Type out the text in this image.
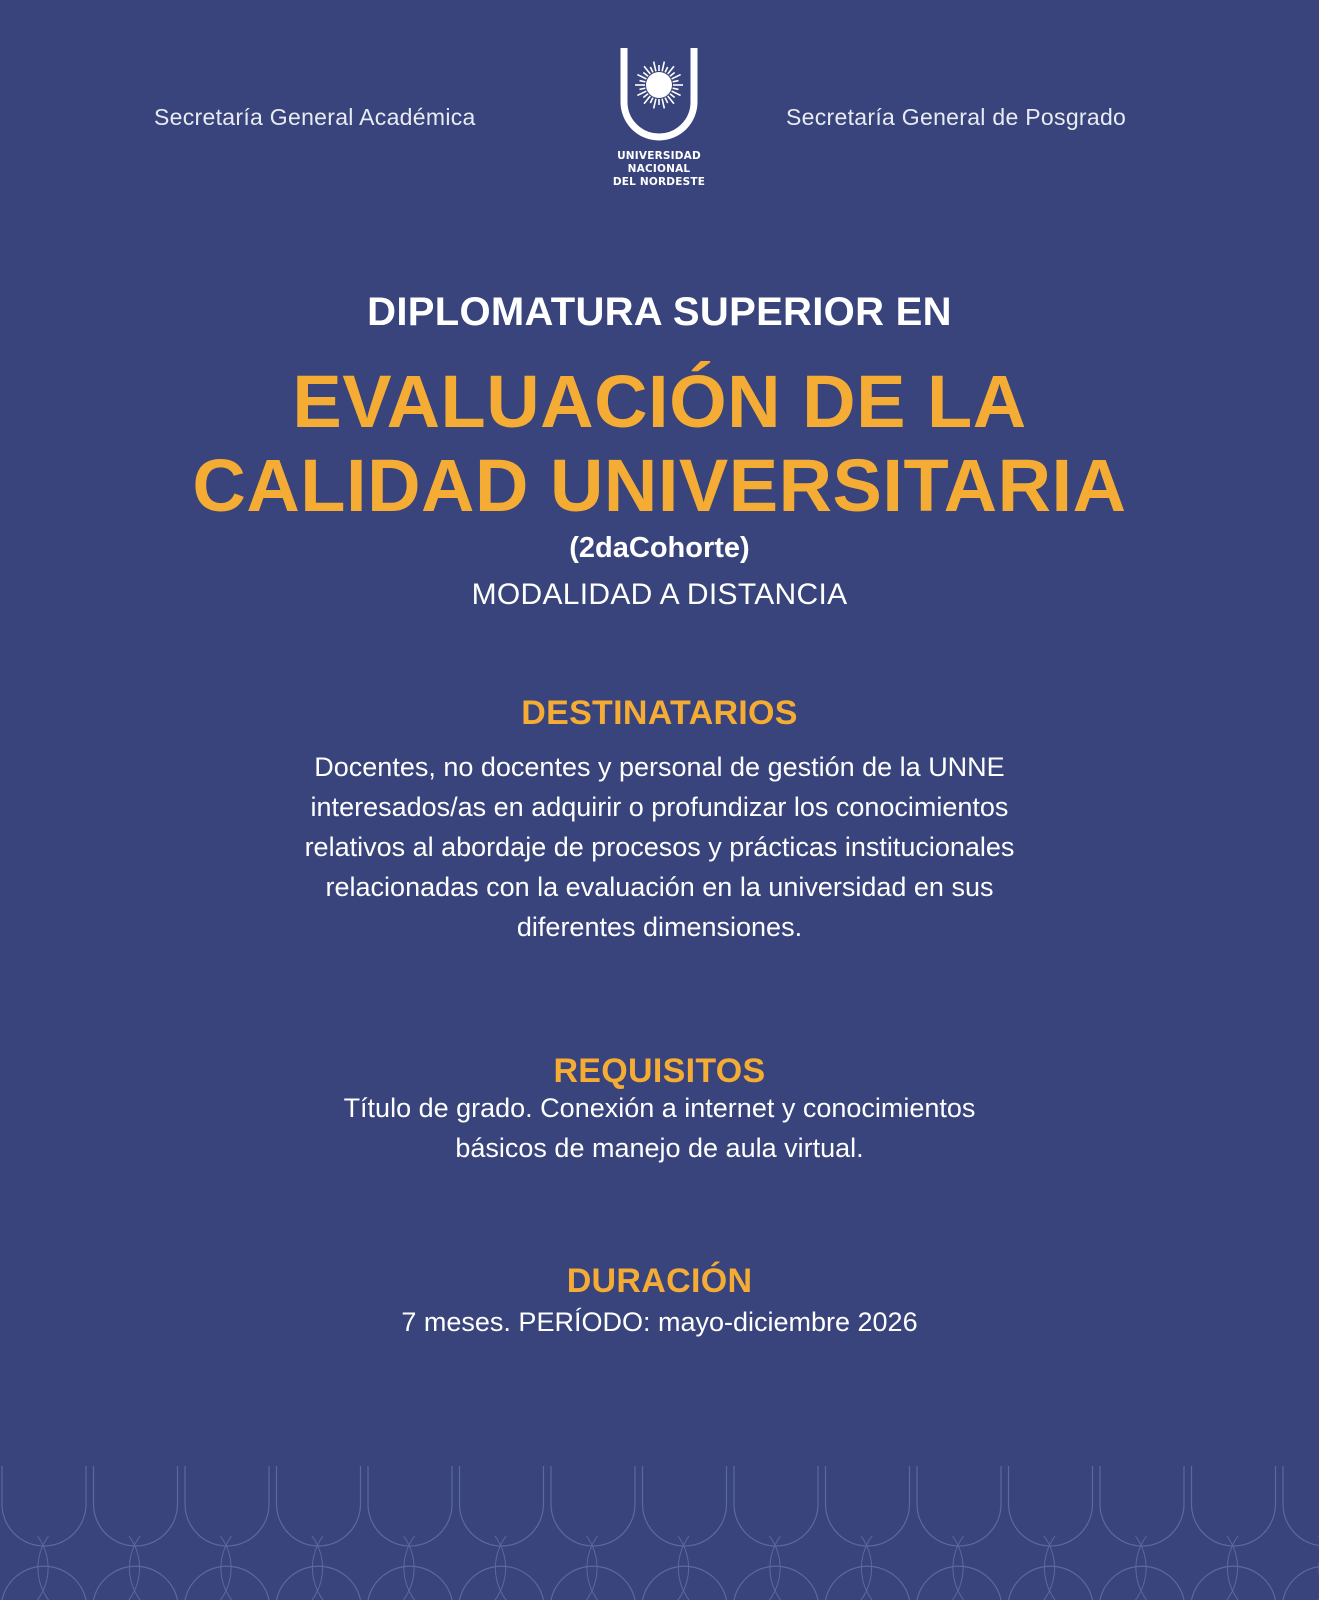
Secretaría General Académica	Secretaría General de Posgrado
UNIVERSIDAD
NACIONAL
DEL NORDESTE
DIPLOMATURA SUPERIOR EN
EVALUACIÓN DE LA
CALIDAD UNIVERSITARIA
(2daCohorte)
MODALIDAD A DISTANCIA
DESTINATARIOS
Docentes, no docentes y personal de gestión de la UNNE
interesados/as en adquirir o profundizar los conocimientos
relativos al abordaje de procesos y prácticas institucionales
relacionadas con la evaluación en la universidad en sus
diferentes dimensiones.
REQUISITOS
Título de grado. Conexión a internet y conocimientos
básicos de manejo de aula virtual.
DURACIÓN
7 meses. PERÍODO: mayo-diciembre 2026
